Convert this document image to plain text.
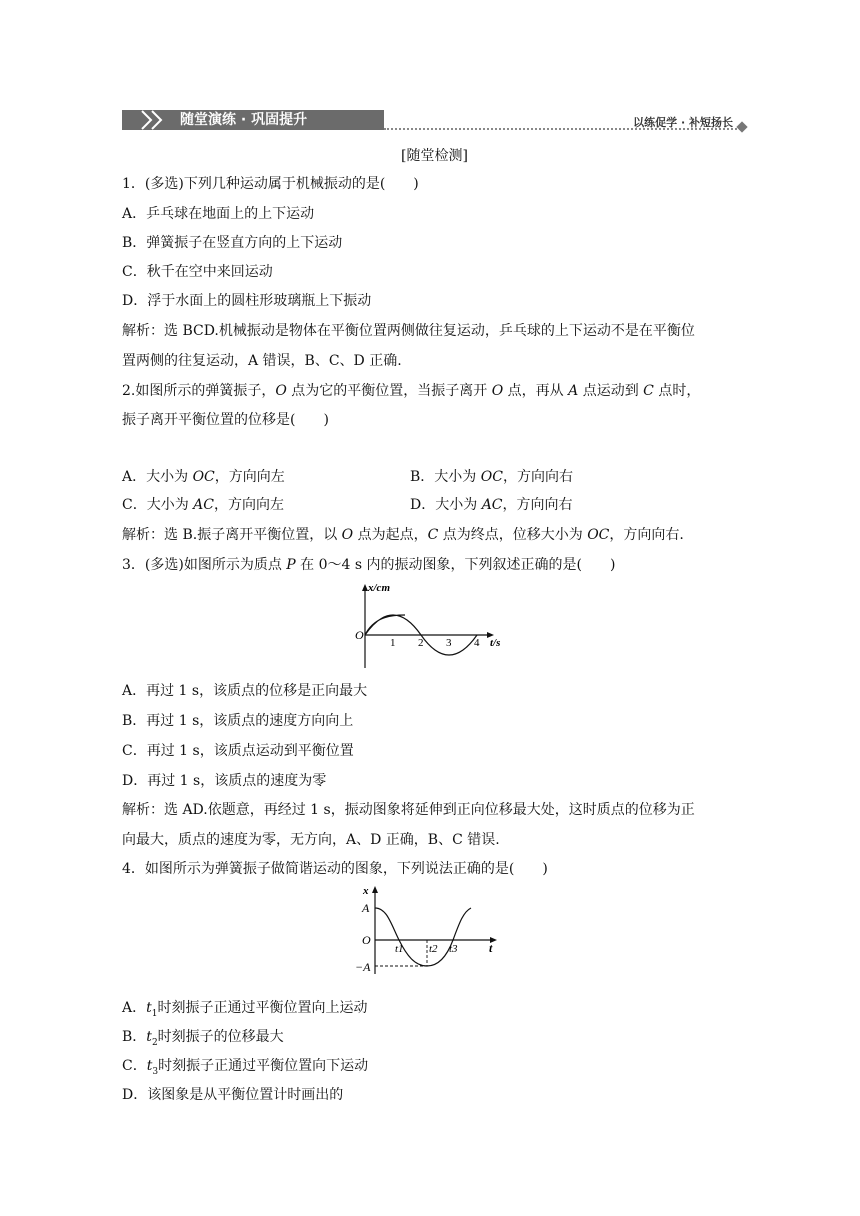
随堂演练 · 巩固提升	以练促学 · 补短扬长
[随堂检测]
1．(多选)下列几种运动属于机械振动的是(　　)
A．乒乓球在地面上的上下运动
B．弹簧振子在竖直方向的上下运动
C．秋千在空中来回运动
D．浮于水面上的圆柱形玻璃瓶上下振动
解析：选 BCD.机械振动是物体在平衡位置两侧做往复运动，乒乓球的上下运动不是在平衡位
置两侧的往复运动，A 错误，B、C、D 正确.
2.如图所示的弹簧振子，O 点为它的平衡位置，当振子离开 O 点，再从 A 点运动到 C 点时，
振子离开平衡位置的位移是(　　)
A．大小为 OC，方向向左	B．大小为 OC，方向向右
C．大小为 AC，方向向左	D．大小为 AC，方向向右
解析：选 B.振子离开平衡位置，以 O 点为起点，C 点为终点，位移大小为 OC，方向向右.
3．(多选)如图所示为质点 P 在 0～4 s 内的振动图象，下列叙述正确的是(　　)
x/cm
O
1 2 3 4 t/s
A．再过 1 s，该质点的位移是正向最大
B．再过 1 s，该质点的速度方向向上
C．再过 1 s，该质点运动到平衡位置
D．再过 1 s，该质点的速度为零
解析：选 AD.依题意，再经过 1 s，振动图象将延伸到正向位移最大处，这时质点的位移为正
向最大，质点的速度为零，无方向，A、D 正确，B、C 错误.
4．如图所示为弹簧振子做简谐运动的图象，下列说法正确的是(　　)
x
A
O
−A
t1 t2 t3	t
A．$t_1$时刻振子正通过平衡位置向上运动
B．$t_2$时刻振子的位移最大
C．$t_3$时刻振子正通过平衡位置向下运动
D．该图象是从平衡位置计时画出的
